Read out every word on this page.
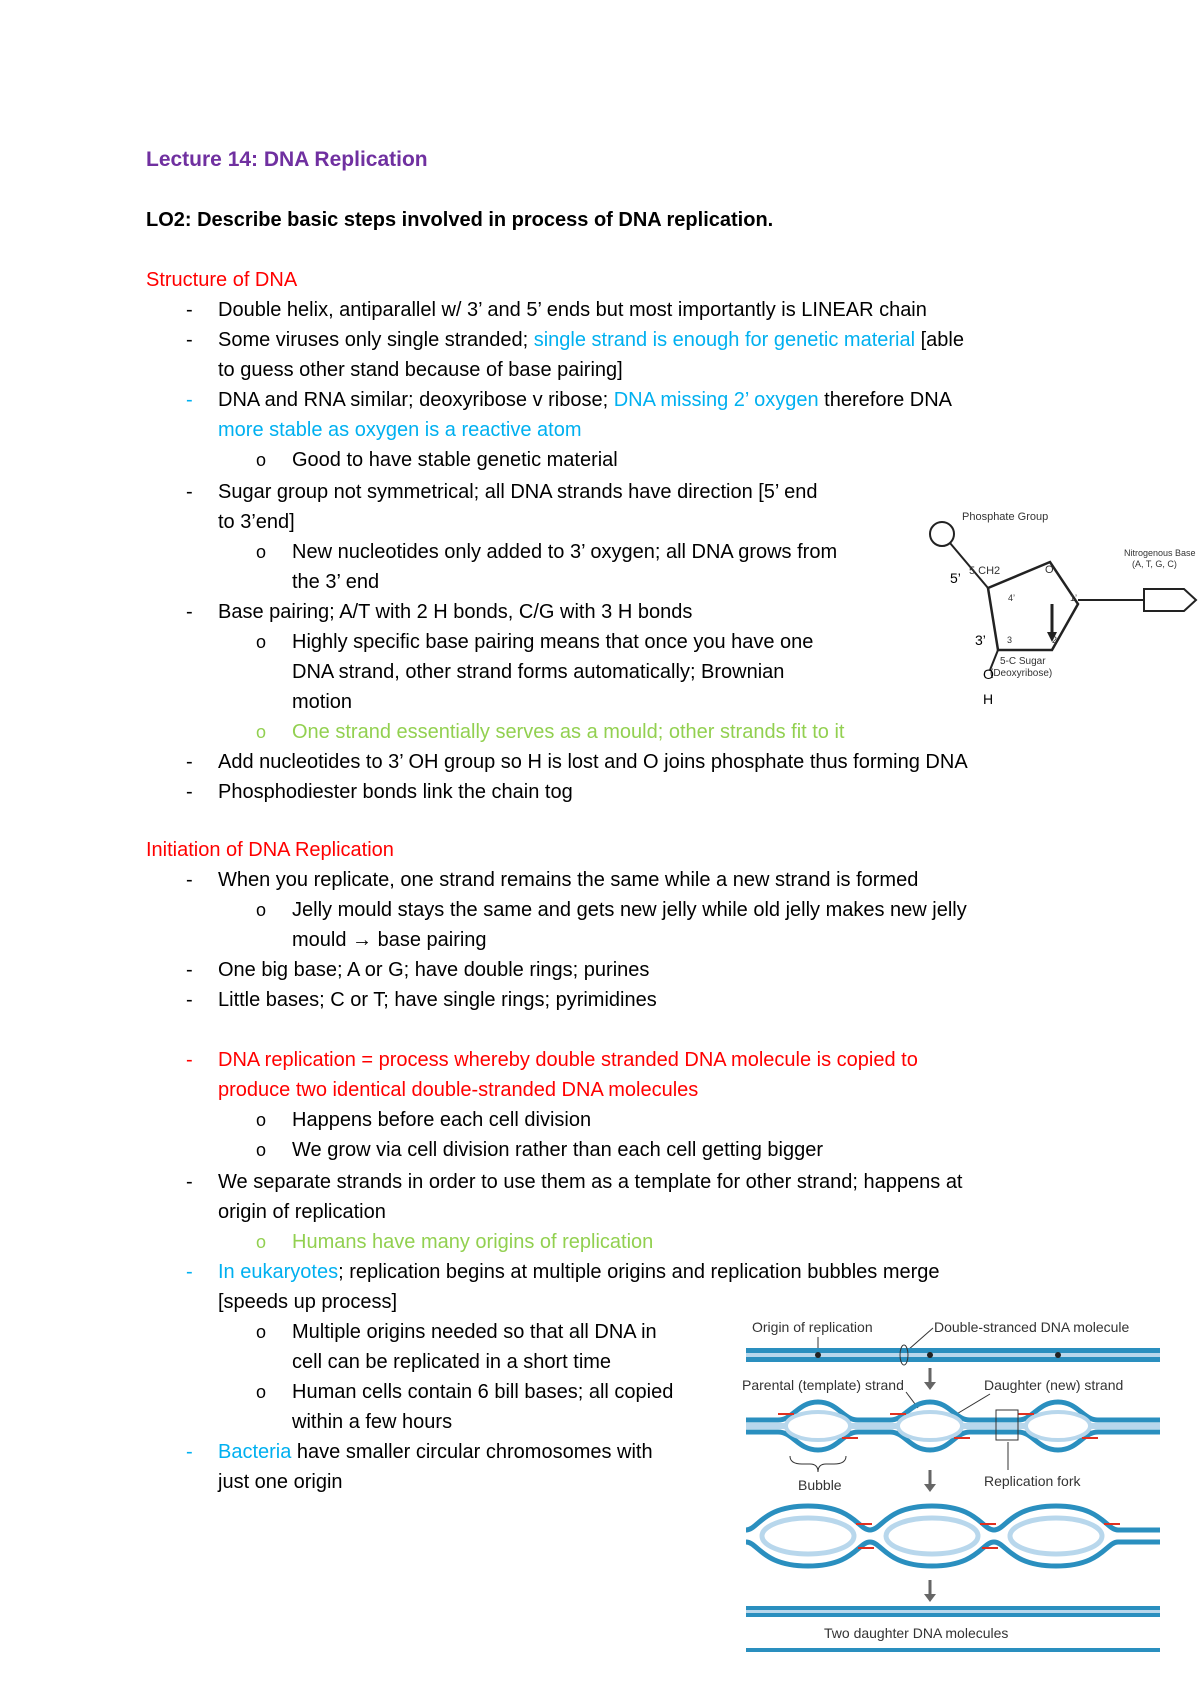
Lecture 14: DNA Replication
LO2: Describe basic steps involved in process of DNA replication.
Structure of DNA
- Double helix, antiparallel w/ 3’ and 5’ ends but most importantly is LINEAR chain
- Some viruses only single stranded; single strand is enough for genetic material [able
to guess other stand because of base pairing]
- DNA and RNA similar; deoxyribose v ribose; DNA missing 2’ oxygen therefore DNA
more stable as oxygen is a reactive atom
o Good to have stable genetic material
- Sugar group not symmetrical; all DNA strands have direction [5’ end
to 3’end]
o New nucleotides only added to 3’ oxygen; all DNA grows from
the 3’ end
- Base pairing; A/T with 2 H bonds, C/G with 3 H bonds
o Highly specific base pairing means that once you have one
DNA strand, other strand forms automatically; Brownian
motion
o One strand essentially serves as a mould; other strands fit to it
- Add nucleotides to 3’ OH group so H is lost and O joins phosphate thus forming DNA
- Phosphodiester bonds link the chain tog
Initiation of DNA Replication
- When you replicate, one strand remains the same while a new strand is formed
o Jelly mould stays the same and gets new jelly while old jelly makes new jelly
mould → base pairing
- One big base; A or G; have double rings; purines
- Little bases; C or T; have single rings; pyrimidines
- DNA replication = process whereby double stranded DNA molecule is copied to
produce two identical double-stranded DNA molecules
o Happens before each cell division
o We grow via cell division rather than each cell getting bigger
- We separate strands in order to use them as a template for other strand; happens at
origin of replication
o Humans have many origins of replication
- In eukaryotes; replication begins at multiple origins and replication bubbles merge
[speeds up process]
o Multiple origins needed so that all DNA in
cell can be replicated in a short time
o Human cells contain 6 bill bases; all copied
within a few hours
- Bacteria have smaller circular chromosomes with
just one origin
Phosphate Group
5’ 5 CH2	O
Nitrogenous Base
(A, T, G, C)
4’	1’
3	2
5-C Sugar
(Deoxyribose)
3’
O
H
Origin of replication	Double-stranced DNA molecule
Parental (template) strand	Daughter (new) strand
Bubble	Replication fork
Two daughter DNA molecules
